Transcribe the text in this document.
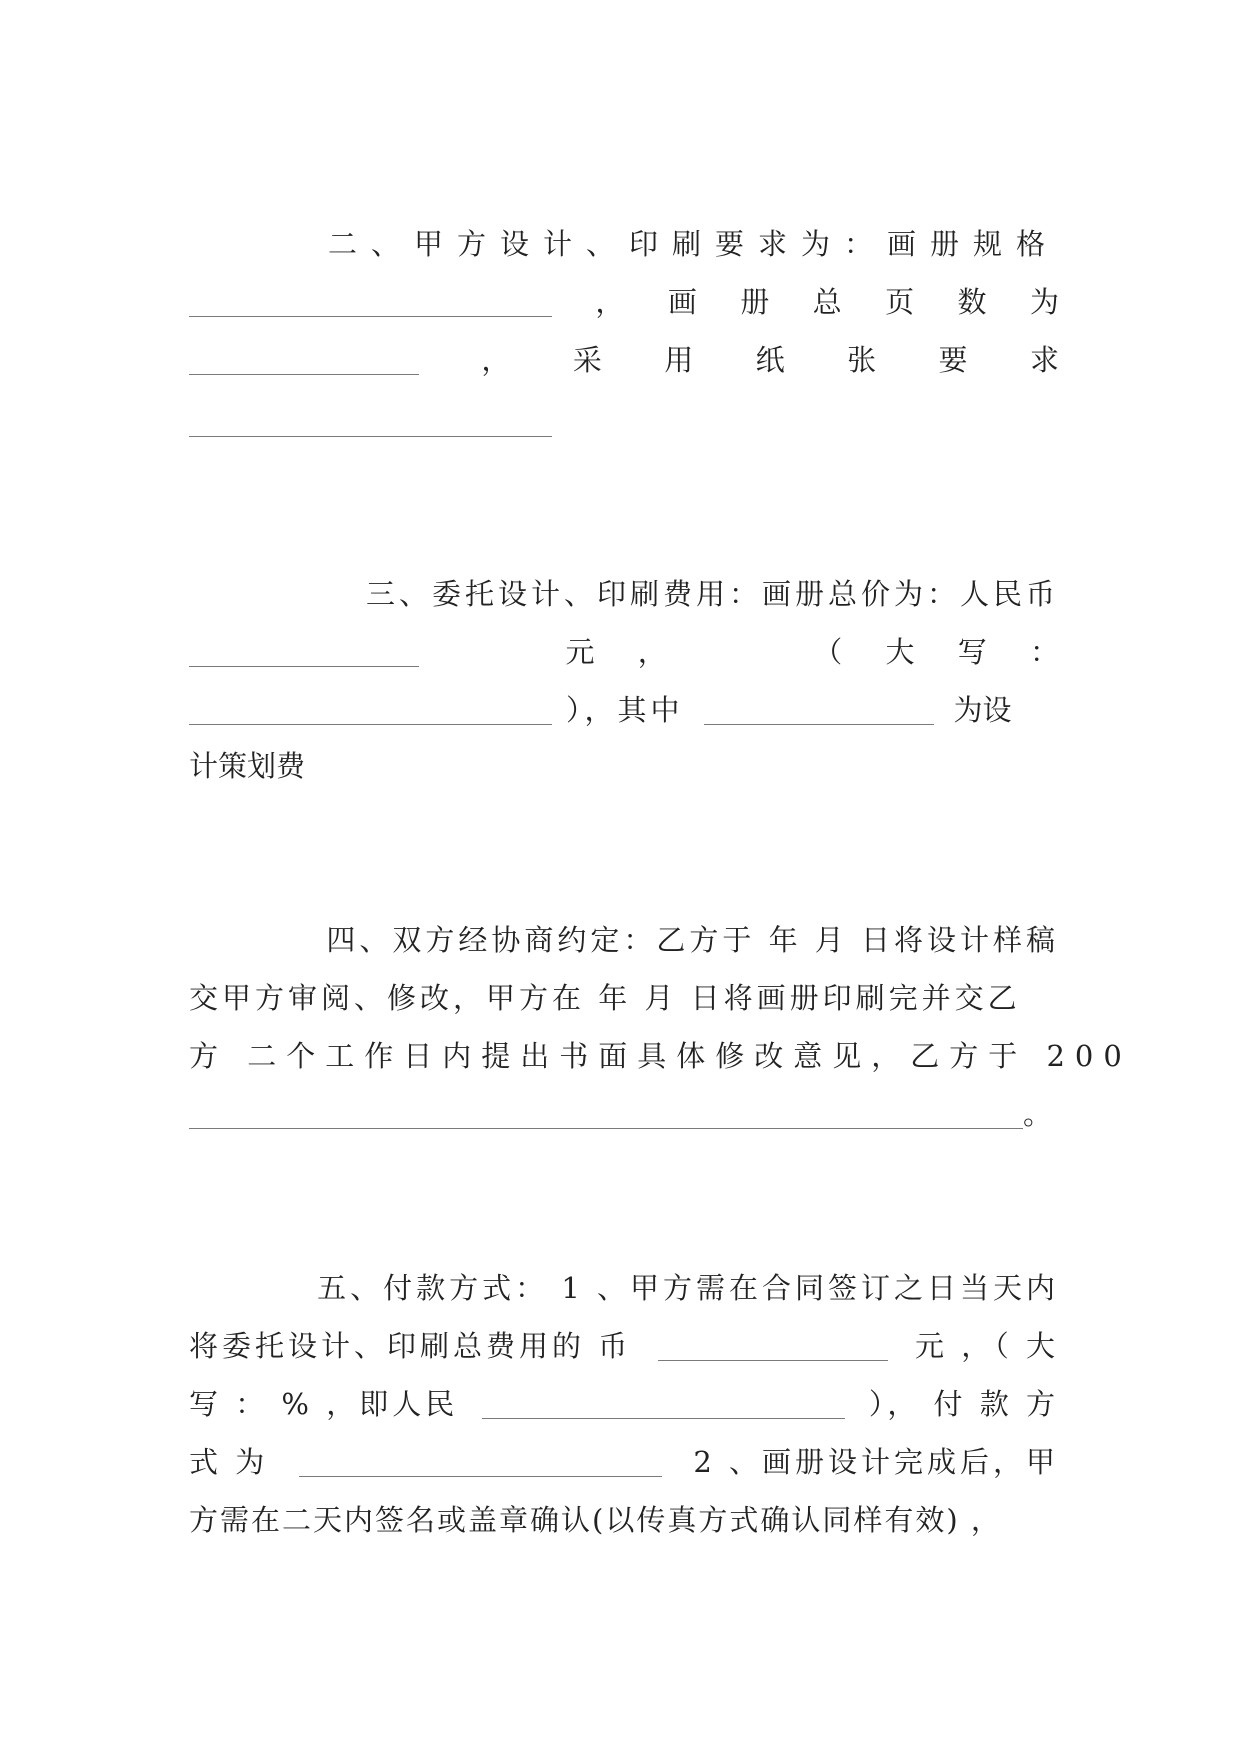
二、甲方设计、印刷要求为：画册规格
， 画 册 总 页 数 为
， 采 用 纸 张 要 求
三、委托设计、印刷费用：画册总价为：人民币
元 ，	（ 大 写 ：
），其中	为设
计策划费
四、双方经协商约定：乙方于 年 月 日将设计样稿
交甲方审阅、修改，甲方在 年 月 日将画册印刷完并交乙
方 二个工作日内提出书面具体修改意见，乙方于 200
。
五、付款方式： 1 、甲方需在合同签订之日当天内
将委托设计、印刷总费用的 币	元 ，（ 大
写 ： % ，即人民	）， 付 款 方
式 为	2 、画册设计完成后，甲
方需在二天内签名或盖章确认(以传真方式确认同样有效) ，
